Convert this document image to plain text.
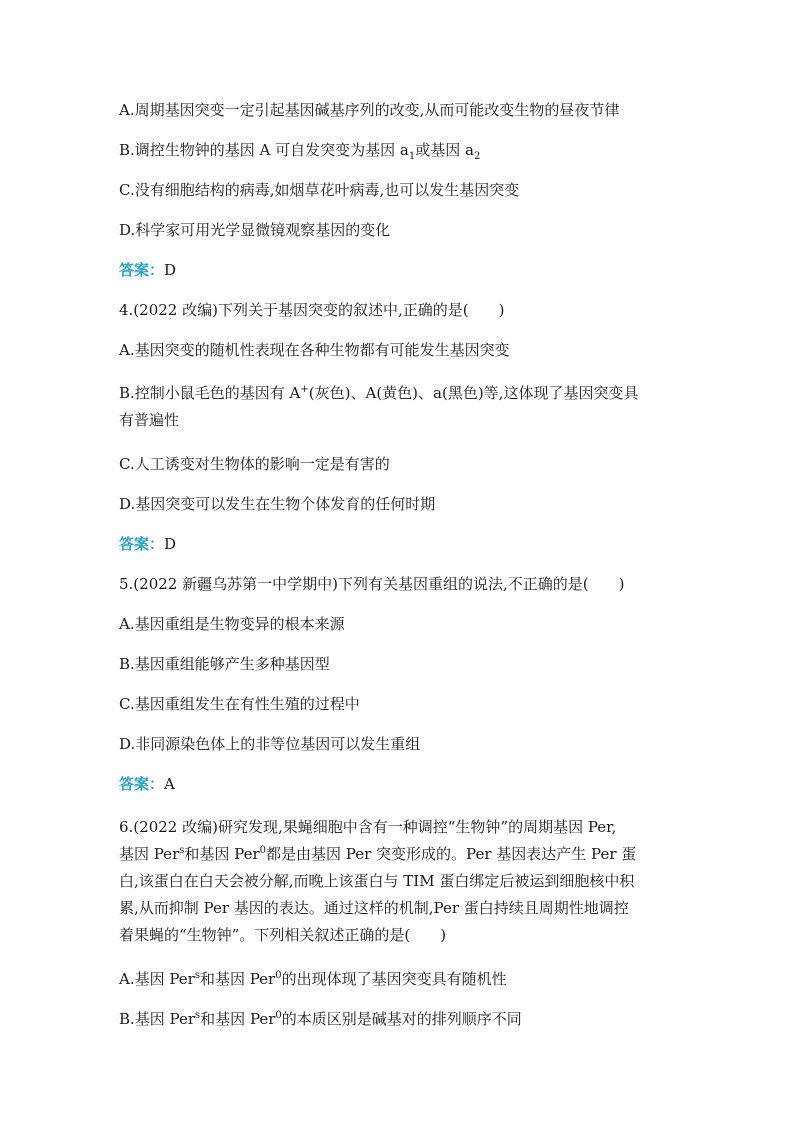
A.周期基因突变一定引起基因碱基序列的改变,从而可能改变生物的昼夜节律

B.调控生物钟的基因 A 可自发突变为基因 $a_1$或基因 $a_2$

C.没有细胞结构的病毒,如烟草花叶病毒,也可以发生基因突变

D.科学家可用光学显微镜观察基因的变化

答案：D

4.(2022 改编)下列关于基因突变的叙述中,正确的是(　　)

A.基因突变的随机性表现在各种生物都有可能发生基因突变

B.控制小鼠毛色的基因有 A+(灰色)、A(黄色)、a(黑色)等,这体现了基因突变具

有普遍性

C.人工诱变对生物体的影响一定是有害的

D.基因突变可以发生在生物个体发育的任何时期

答案：D

5.(2022 新疆乌苏第一中学期中)下列有关基因重组的说法,不正确的是(　　)

A.基因重组是生物变异的根本来源

B.基因重组能够产生多种基因型

C.基因重组发生在有性生殖的过程中

D.非同源染色体上的非等位基因可以发生重组

答案：A

6.(2022 改编)研究发现,果蝇细胞中含有一种调控“生物钟”的周期基因 Per,

基因 Per$^s$和基因 Per$^0$都是由基因 Per 突变形成的。Per 基因表达产生 Per 蛋

白,该蛋白在白天会被分解,而晚上该蛋白与 TIM 蛋白绑定后被运到细胞核中积

累,从而抑制 Per 基因的表达。通过这样的机制,Per 蛋白持续且周期性地调控

着果蝇的“生物钟”。下列相关叙述正确的是(　　)

A.基因 Per$^s$和基因 Per$^0$的出现体现了基因突变具有随机性

B.基因 Per$^s$和基因 Per$^0$的本质区别是碱基对的排列顺序不同
